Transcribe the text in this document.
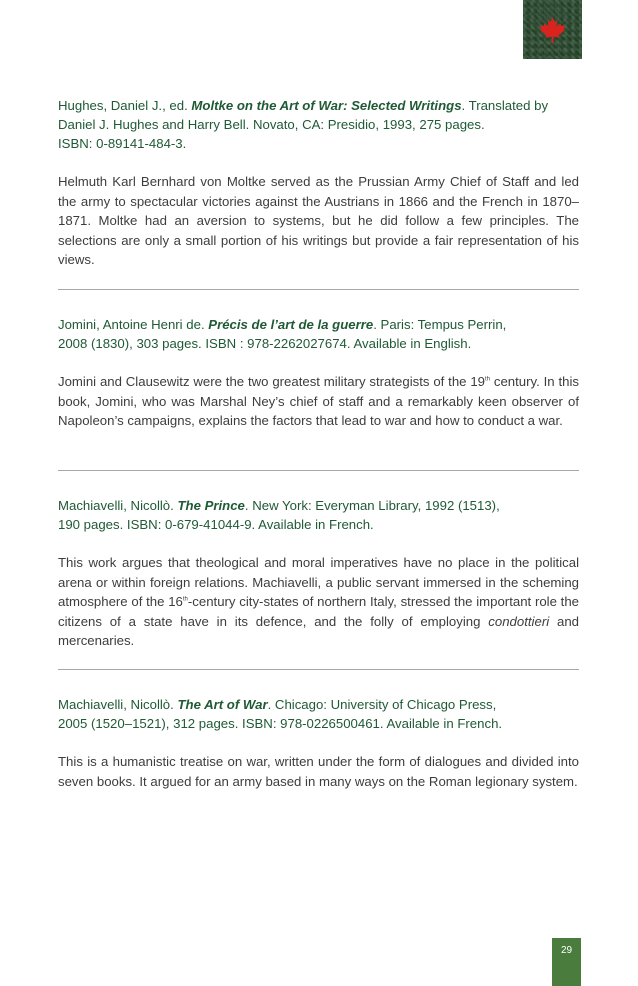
Hughes, Daniel J., ed. Moltke on the Art of War: Selected Writings. Translated by
Daniel J. Hughes and Harry Bell. Novato, CA: Presidio, 1993, 275 pages.
ISBN: 0-89141-484-3.

Helmuth Karl Bernhard von Moltke served as the Prussian Army Chief of Staff and led the army to spectacular victories against the Austrians in 1866 and the French in 1870–1871. Moltke had an aversion to systems, but he did follow a few principles. The selections are only a small portion of his writings but provide a fair representation of his views.

Jomini, Antoine Henri de. Précis de l’art de la guerre. Paris: Tempus Perrin,
2008 (1830), 303 pages. ISBN : 978-2262027674. Available in English.

Jomini and Clausewitz were the two greatest military strategists of the 19th century. In this book, Jomini, who was Marshal Ney’s chief of staff and a remarkably keen observer of Napoleon’s campaigns, explains the factors that lead to war and how to conduct a war.

Machiavelli, Nicollò. The Prince. New York: Everyman Library, 1992 (1513),
190 pages. ISBN: 0-679-41044-9. Available in French.

This work argues that theological and moral imperatives have no place in the political arena or within foreign relations. Machiavelli, a public servant immersed in the scheming atmosphere of the 16th-century city-states of northern Italy, stressed the important role the citizens of a state have in its defence, and the folly of employing condottieri and mercenaries.

Machiavelli, Nicollò. The Art of War. Chicago: University of Chicago Press,
2005 (1520–1521), 312 pages. ISBN: 978-0226500461. Available in French.

This is a humanistic treatise on war, written under the form of dialogues and divided into seven books. It argued for an army based in many ways on the Roman legionary system.

29
